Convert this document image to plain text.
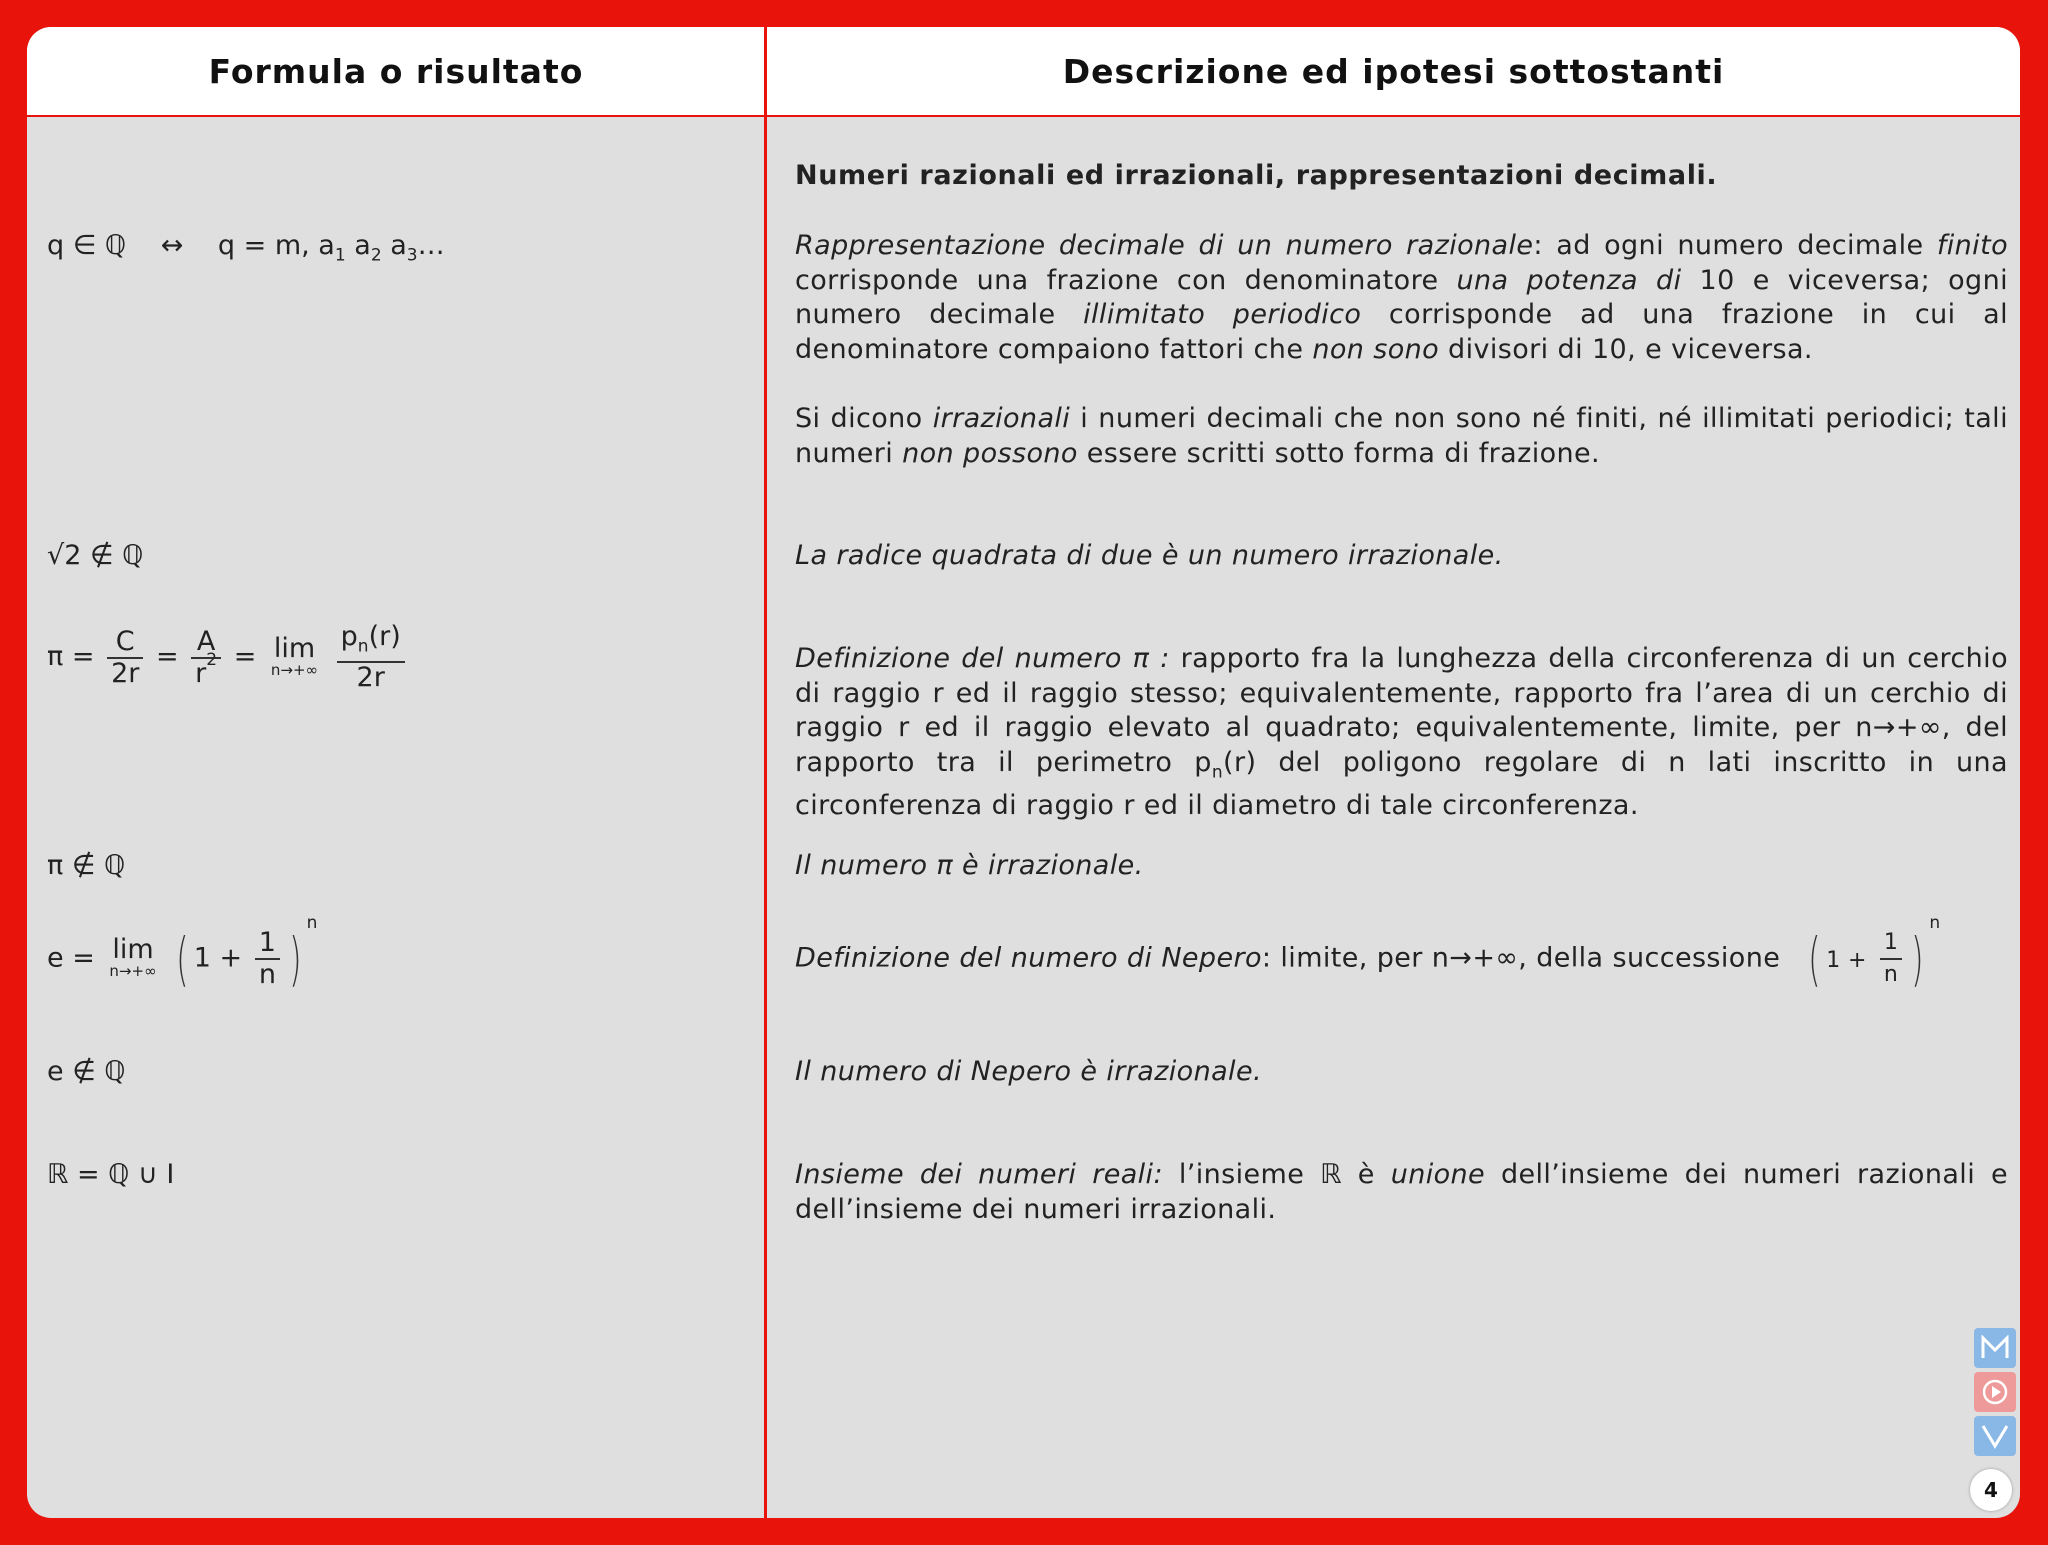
Formula o risultato	Descrizione ed ipotesi sottostanti
q ∈ ℚ ↔ q = m, $a_1$ $a_2$ $a_3\dots$
√2 ∉ ℚ
$\pi = \frac{C}{2r} = \frac{A}{r^2} = \lim$
n→+∞
$\frac{p_n(r)}{2r}$
π ∉ ℚ
e = lim
n→+∞ ( $1 + \frac{1}{n} )^n$
e ∉ ℚ
ℝ = ℚ ∪ I
Numeri razionali ed irrazionali, rappresentazioni decimali.
Rappresentazione decimale di un numero razionale: ad ogni numero decimale finito corrisponde una frazione con denominatore una potenza di 10 e viceversa; ogni numero decimale illimitato periodico corrisponde ad una frazione in cui al denominatore compaiono fattori che non sono divisori di 10, e viceversa.
Si dicono irrazionali i numeri decimali che non sono né finiti, né illimitati periodici; tali numeri non possono essere scritti sotto forma di frazione.
La radice quadrata di due è un numero irrazionale.
Definizione del numero π : rapporto fra la lunghezza della circonferenza di un cerchio di raggio r ed il raggio stesso; equivalentemente, rapporto fra l’area di un cerchio di raggio r ed il raggio elevato al quadrato; equivalentemente, limite, per n→+∞, del rapporto tra il perimetro $p_n(r)$ del poligono regolare di n lati inscritto in una circonferenza di raggio r ed il diametro di tale circonferenza.
Il numero π è irrazionale.
Definizione del numero di Nepero: limite, per n→+∞, della successione ( $1 + \frac{1}{n} )^n$
Il numero di Nepero è irrazionale.
Insieme dei numeri reali: l’insieme ℝ è unione dell’insieme dei numeri razionali e dell’insieme dei numeri irrazionali.
4
